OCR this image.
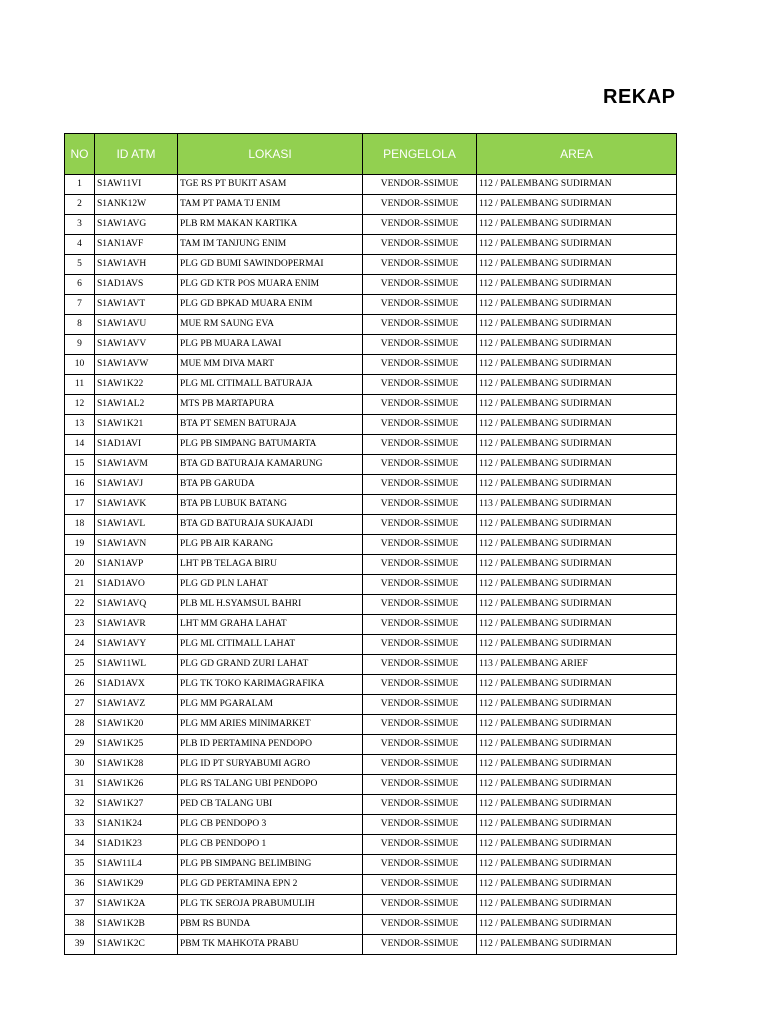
REKAP
NO	ID ATM	LOKASI	PENGELOLA	AREA
1	S1AW11VI	TGE RS PT BUKIT ASAM	VENDOR-SSIMUE	112 / PALEMBANG SUDIRMAN
2	S1ANK12W	TAM PT PAMA TJ ENIM	VENDOR-SSIMUE	112 / PALEMBANG SUDIRMAN
3	S1AW1AVG	PLB RM MAKAN KARTIKA	VENDOR-SSIMUE	112 / PALEMBANG SUDIRMAN
4	S1AN1AVF	TAM IM TANJUNG ENIM	VENDOR-SSIMUE	112 / PALEMBANG SUDIRMAN
5	S1AW1AVH	PLG GD BUMI SAWINDOPERMAI	VENDOR-SSIMUE	112 / PALEMBANG SUDIRMAN
6	S1AD1AVS	PLG GD KTR POS MUARA ENIM	VENDOR-SSIMUE	112 / PALEMBANG SUDIRMAN
7	S1AW1AVT	PLG GD BPKAD MUARA ENIM	VENDOR-SSIMUE	112 / PALEMBANG SUDIRMAN
8	S1AW1AVU	MUE RM SAUNG EVA	VENDOR-SSIMUE	112 / PALEMBANG SUDIRMAN
9	S1AW1AVV	PLG PB MUARA LAWAI	VENDOR-SSIMUE	112 / PALEMBANG SUDIRMAN
10	S1AW1AVW	MUE MM DIVA MART	VENDOR-SSIMUE	112 / PALEMBANG SUDIRMAN
11	S1AW1K22	PLG ML CITIMALL BATURAJA	VENDOR-SSIMUE	112 / PALEMBANG SUDIRMAN
12	S1AW1AL2	MTS PB MARTAPURA	VENDOR-SSIMUE	112 / PALEMBANG SUDIRMAN
13	S1AW1K21	BTA PT SEMEN BATURAJA	VENDOR-SSIMUE	112 / PALEMBANG SUDIRMAN
14	S1AD1AVI	PLG PB SIMPANG BATUMARTA	VENDOR-SSIMUE	112 / PALEMBANG SUDIRMAN
15	S1AW1AVM	BTA GD BATURAJA KAMARUNG	VENDOR-SSIMUE	112 / PALEMBANG SUDIRMAN
16	S1AW1AVJ	BTA PB GARUDA	VENDOR-SSIMUE	112 / PALEMBANG SUDIRMAN
17	S1AW1AVK	BTA PB LUBUK BATANG	VENDOR-SSIMUE	113 / PALEMBANG SUDIRMAN
18	S1AW1AVL	BTA GD BATURAJA SUKAJADI	VENDOR-SSIMUE	112 / PALEMBANG SUDIRMAN
19	S1AW1AVN	PLG PB AIR KARANG	VENDOR-SSIMUE	112 / PALEMBANG SUDIRMAN
20	S1AN1AVP	LHT PB TELAGA BIRU	VENDOR-SSIMUE	112 / PALEMBANG SUDIRMAN
21	S1AD1AVO	PLG GD PLN LAHAT	VENDOR-SSIMUE	112 / PALEMBANG SUDIRMAN
22	S1AW1AVQ	PLB ML H.SYAMSUL BAHRI	VENDOR-SSIMUE	112 / PALEMBANG SUDIRMAN
23	S1AW1AVR	LHT MM GRAHA LAHAT	VENDOR-SSIMUE	112 / PALEMBANG SUDIRMAN
24	S1AW1AVY	PLG ML CITIMALL LAHAT	VENDOR-SSIMUE	112 / PALEMBANG SUDIRMAN
25	S1AW11WL	PLG GD GRAND ZURI LAHAT	VENDOR-SSIMUE	113 / PALEMBANG ARIEF
26	S1AD1AVX	PLG TK TOKO KARIMAGRAFIKA	VENDOR-SSIMUE	112 / PALEMBANG SUDIRMAN
27	S1AW1AVZ	PLG MM PGARALAM	VENDOR-SSIMUE	112 / PALEMBANG SUDIRMAN
28	S1AW1K20	PLG MM ARIES MINIMARKET	VENDOR-SSIMUE	112 / PALEMBANG SUDIRMAN
29	S1AW1K25	PLB ID PERTAMINA PENDOPO	VENDOR-SSIMUE	112 / PALEMBANG SUDIRMAN
30	S1AW1K28	PLG ID PT SURYABUMI AGRO	VENDOR-SSIMUE	112 / PALEMBANG SUDIRMAN
31	S1AW1K26	PLG RS TALANG UBI PENDOPO	VENDOR-SSIMUE	112 / PALEMBANG SUDIRMAN
32	S1AW1K27	PED CB TALANG UBI	VENDOR-SSIMUE	112 / PALEMBANG SUDIRMAN
33	S1AN1K24	PLG CB PENDOPO 3	VENDOR-SSIMUE	112 / PALEMBANG SUDIRMAN
34	S1AD1K23	PLG CB PENDOPO 1	VENDOR-SSIMUE	112 / PALEMBANG SUDIRMAN
35	S1AW11L4	PLG PB SIMPANG BELIMBING	VENDOR-SSIMUE	112 / PALEMBANG SUDIRMAN
36	S1AW1K29	PLG GD PERTAMINA EPN 2	VENDOR-SSIMUE	112 / PALEMBANG SUDIRMAN
37	S1AW1K2A	PLG TK SEROJA PRABUMULIH	VENDOR-SSIMUE	112 / PALEMBANG SUDIRMAN
38	S1AW1K2B	PBM RS BUNDA	VENDOR-SSIMUE	112 / PALEMBANG SUDIRMAN
39	S1AW1K2C	PBM TK MAHKOTA PRABU	VENDOR-SSIMUE	112 / PALEMBANG SUDIRMAN
